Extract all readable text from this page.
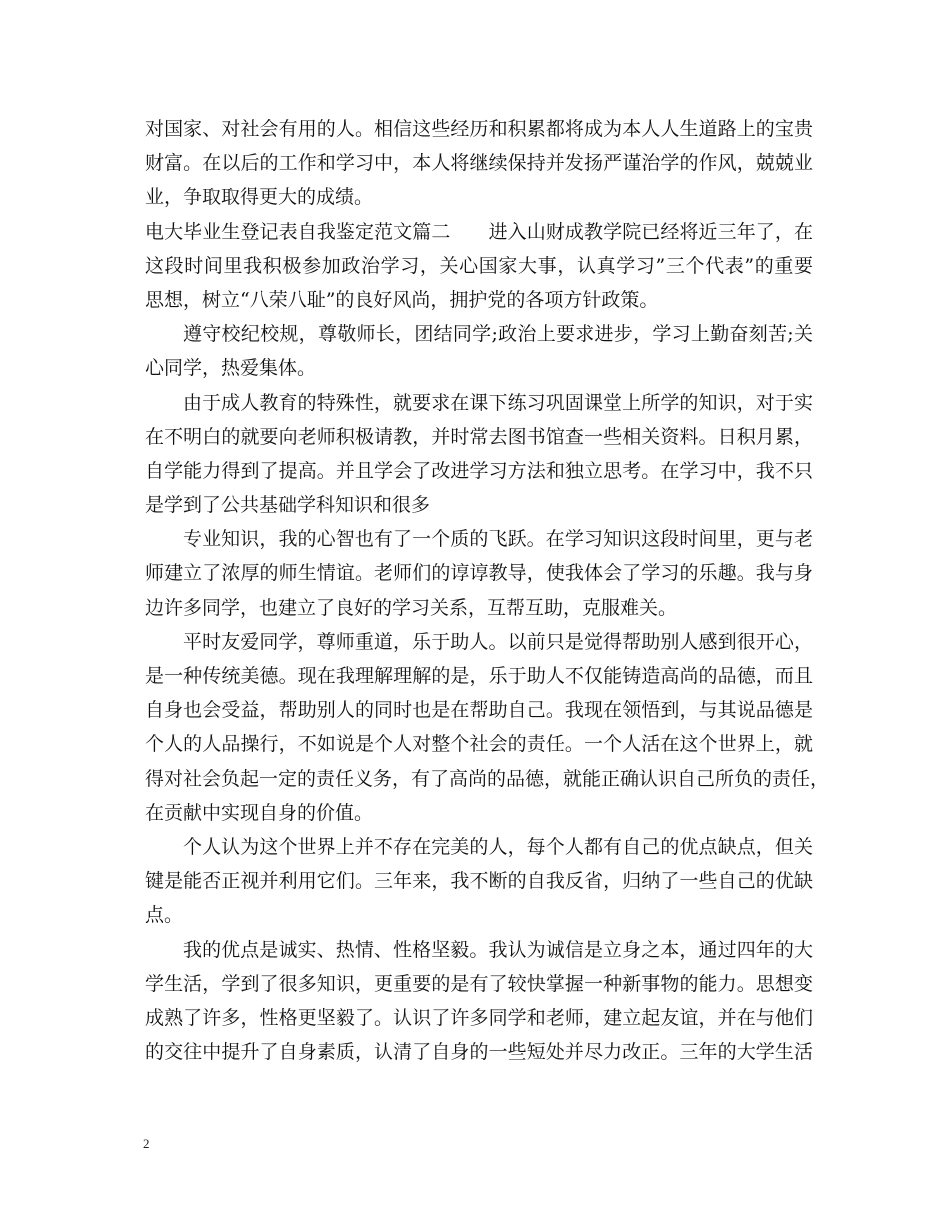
对国家、对社会有用的人。相信这些经历和积累都将成为本人人生道路上的宝贵
财富。在以后的工作和学习中，本人将继续保持并发扬严谨治学的作风，兢兢业
业，争取取得更大的成绩。
电大毕业生登记表自我鉴定范文篇二　　进入山财成教学院已经将近三年了，在
这段时间里我积极参加政治学习，关心国家大事，认真学习”三个代表”的重要
思想，树立“八荣八耻”的良好风尚，拥护党的各项方针政策。
遵守校纪校规，尊敬师长，团结同学;政治上要求进步，学习上勤奋刻苦;关
心同学，热爱集体。
由于成人教育的特殊性，就要求在课下练习巩固课堂上所学的知识，对于实
在不明白的就要向老师积极请教，并时常去图书馆查一些相关资料。日积月累，
自学能力得到了提高。并且学会了改进学习方法和独立思考。在学习中，我不只
是学到了公共基础学科知识和很多
专业知识，我的心智也有了一个质的飞跃。在学习知识这段时间里，更与老
师建立了浓厚的师生情谊。老师们的谆谆教导，使我体会了学习的乐趣。我与身
边许多同学，也建立了良好的学习关系，互帮互助，克服难关。
平时友爱同学，尊师重道，乐于助人。以前只是觉得帮助别人感到很开心，
是一种传统美德。现在我理解理解的是，乐于助人不仅能铸造高尚的品德，而且
自身也会受益，帮助别人的同时也是在帮助自己。我现在领悟到，与其说品德是
个人的人品操行，不如说是个人对整个社会的责任。一个人活在这个世界上，就
得对社会负起一定的责任义务，有了高尚的品德，就能正确认识自己所负的责任，
在贡献中实现自身的价值。
个人认为这个世界上并不存在完美的人，每个人都有自己的优点缺点，但关
键是能否正视并利用它们。三年来，我不断的自我反省，归纳了一些自己的优缺
点。
我的优点是诚实、热情、性格坚毅。我认为诚信是立身之本，通过四年的大
学生活，学到了很多知识，更重要的是有了较快掌握一种新事物的能力。思想变
成熟了许多，性格更坚毅了。认识了许多同学和老师，建立起友谊，并在与他们
的交往中提升了自身素质，认清了自身的一些短处并尽力改正。三年的大学生活
2
